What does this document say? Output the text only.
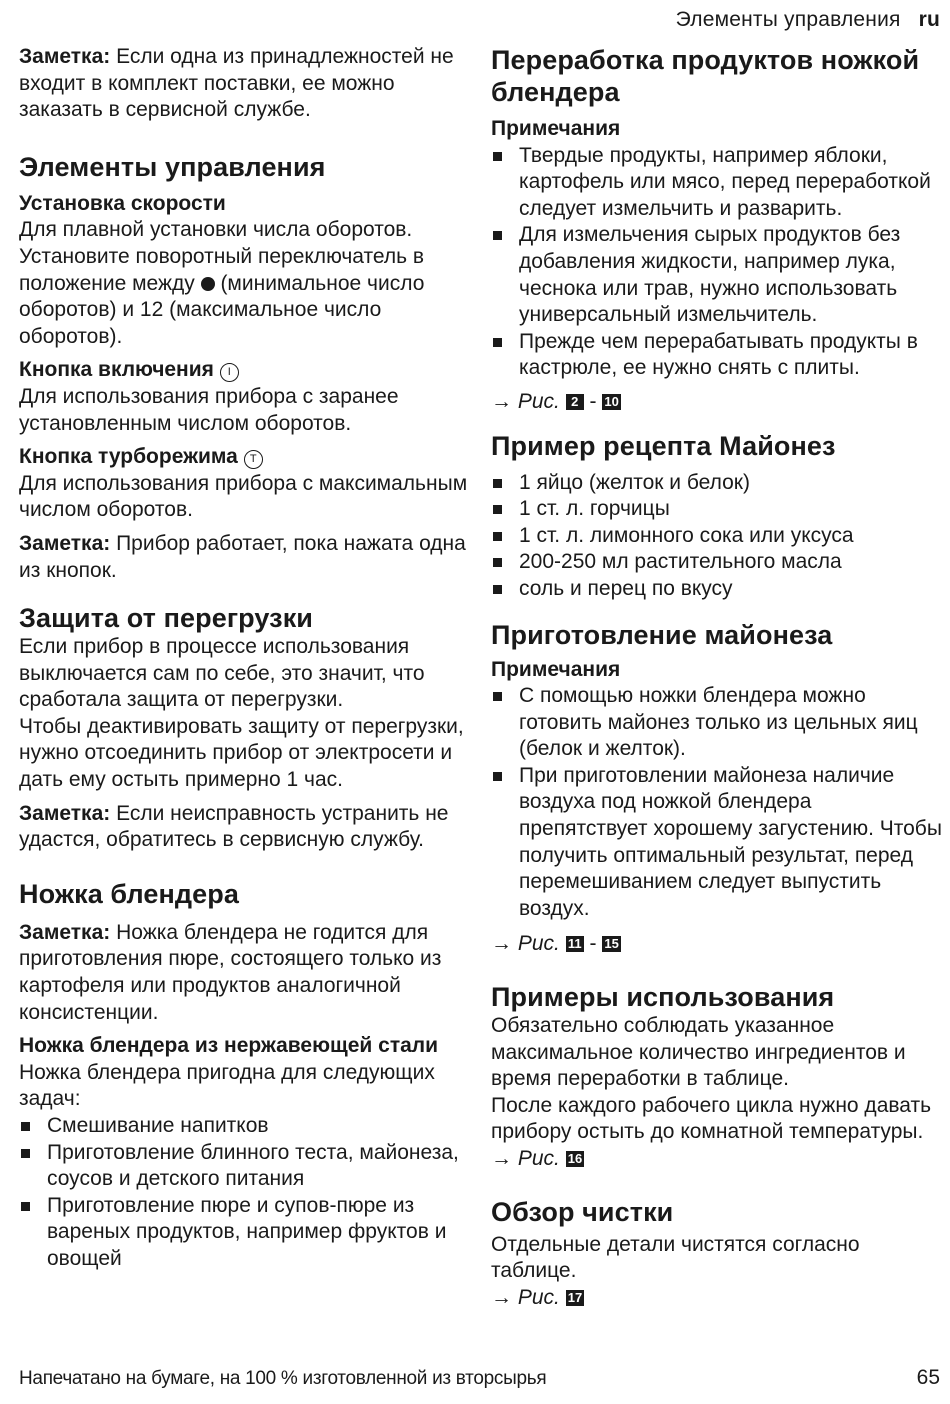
Элементы управления ru

Заметка: Если одна из принадлежностей не входит в комплект поставки, ее можно заказать в сервисной службе.

Элементы управления
Установка скорости

Для плавной установки числа оборотов.

Установите поворотный переключатель в положение между  (минимальное число оборотов) и 12 (максимальное число оборотов).

Кнопка включения I

Для использования прибора с заранее установленным числом оборотов.

Кнопка турборежима T

Для использования прибора с максимальным числом оборотов.

Заметка: Прибор работает, пока нажата одна из кнопок.

Защита от перегрузки

Если прибор в процессе использования выключается сам по себе, это значит, что сработала защита от перегрузки.

Чтобы деактивировать защиту от перегрузки, нужно отсоединить прибор от электросети и дать ему остыть примерно 1 час.

Заметка: Если неисправность устранить не удастся, обратитесь в сервисную службу.

Ножка блендера

Заметка: Ножка блендера не годится для приготовления пюре, состоящего только из картофеля или продуктов аналогичной консистенции.

Ножка блендера из нержавеющей стали

Ножка блендера пригодна для следующих задач:

Смешивание напитков
Приготовление блинного теста, майонеза, соусов и детского питания
Приготовление пюре и супов-пюре из вареных продуктов, например фруктов и овощей
Переработка продуктов ножкой блендера
Примечания
Твердые продукты, например яблоки, картофель или мясо, перед переработкой следует измельчить и разварить.
Для измельчения сырых продуктов без добавления жидкости, например лука, чеснока или трав, нужно использовать универсальный измельчитель.
Прежде чем перерабатывать продукты в кастрюле, ее нужно снять с плиты.

→ Рис. 2 - 10

Пример рецепта Майонез
1 яйцо (желток и белок)
1 ст. л. горчицы
1 ст. л. лимонного сока или уксуса
200-250 мл растительного масла
соль и перец по вкусу
Приготовление майонеза
Примечания
С помощью ножки блендера можно готовить майонез только из цельных яиц (белок и желток).
При приготовлении майонеза наличие воздуха под ножкой блендера препятствует хорошему загустению. Чтобы получить оптимальный результат, перед перемешиванием следует выпустить воздух.

→ Рис. 11 - 15

Примеры использования

Обязательно соблюдать указанное максимальное количество ингредиентов и время переработки в таблице.

После каждого рабочего цикла нужно давать прибору остыть до комнатной температуры.

→ Рис. 16

Обзор чистки

Отдельные детали чистятся согласно таблице.

→ Рис. 17

Напечатано на бумаге, на 100 % изготовленной из вторсырья	65
